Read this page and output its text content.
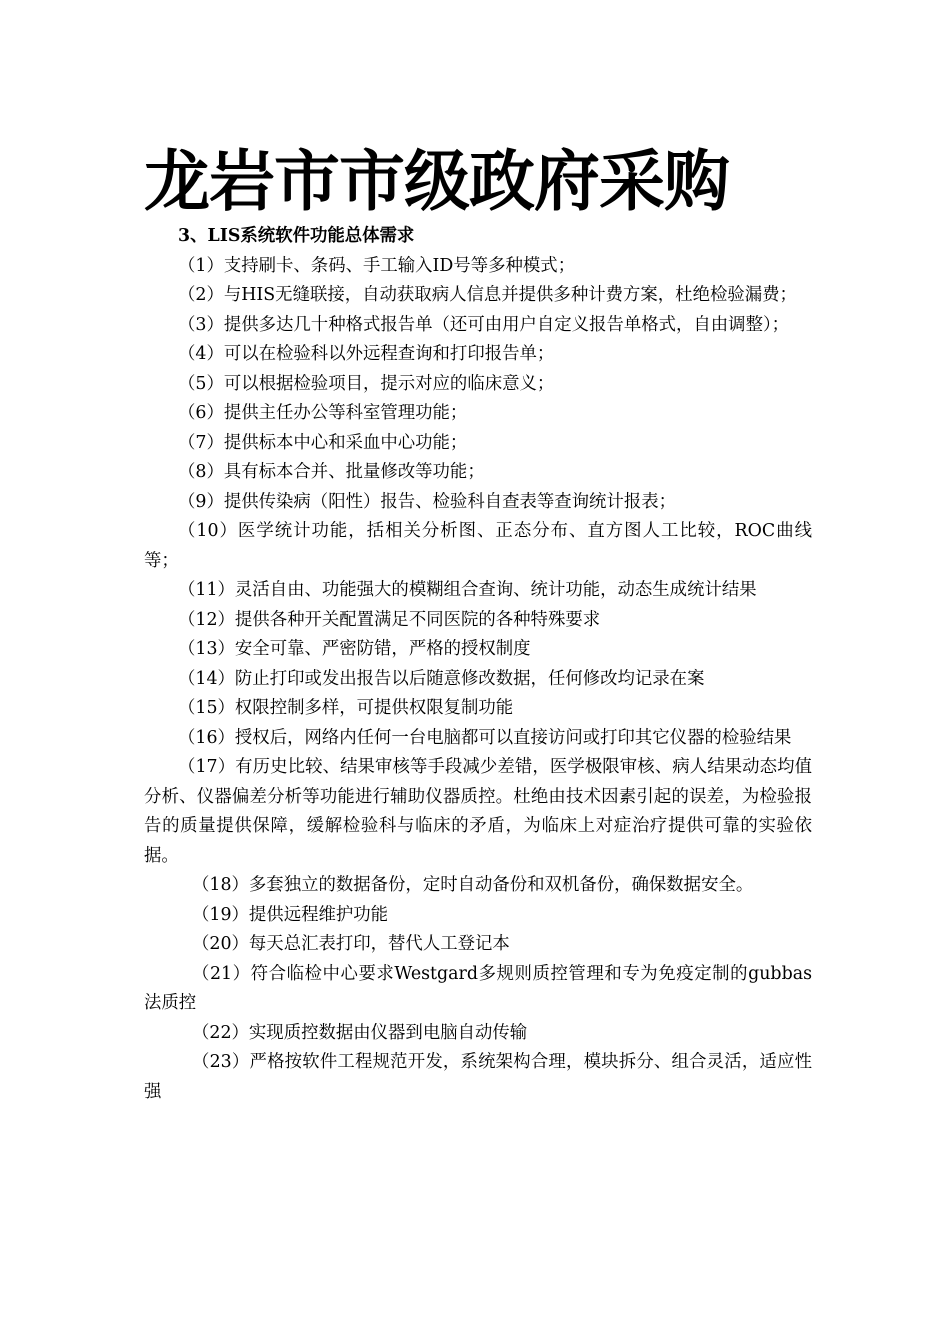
龙岩市市级政府采购

3、LIS系统软件功能总体需求

（1）支持刷卡、条码、手工输入ID号等多种模式；

（2）与HIS无缝联接，自动获取病人信息并提供多种计费方案，杜绝检验漏费；

（3）提供多达几十种格式报告单（还可由用户自定义报告单格式，自由调整）；

（4）可以在检验科以外远程查询和打印报告单；

（5）可以根据检验项目，提示对应的临床意义；

（6）提供主任办公等科室管理功能；

（7）提供标本中心和采血中心功能；

（8）具有标本合并、批量修改等功能；

（9）提供传染病（阳性）报告、检验科自查表等查询统计报表；

（10）医学统计功能，括相关分析图、正态分布、直方图人工比较，ROC曲线等；

（11）灵活自由、功能强大的模糊组合查询、统计功能，动态生成统计结果

（12）提供各种开关配置满足不同医院的各种特殊要求

（13）安全可靠、严密防错，严格的授权制度

（14）防止打印或发出报告以后随意修改数据，任何修改均记录在案

（15）权限控制多样，可提供权限复制功能

（16）授权后，网络内任何一台电脑都可以直接访问或打印其它仪器的检验结果

（17）有历史比较、结果审核等手段减少差错，医学极限审核、病人结果动态均值分析、仪器偏差分析等功能进行辅助仪器质控。杜绝由技术因素引起的误差，为检验报告的质量提供保障，缓解检验科与临床的矛盾，为临床上对症治疗提供可靠的实验依据。

（18）多套独立的数据备份，定时自动备份和双机备份，确保数据安全。

（19）提供远程维护功能

（20）每天总汇表打印，替代人工登记本

（21）符合临检中心要求Westgard多规则质控管理和专为免疫定制的gubbas法质控

（22）实现质控数据由仪器到电脑自动传输

（23）严格按软件工程规范开发，系统架构合理，模块拆分、组合灵活，适应性强
